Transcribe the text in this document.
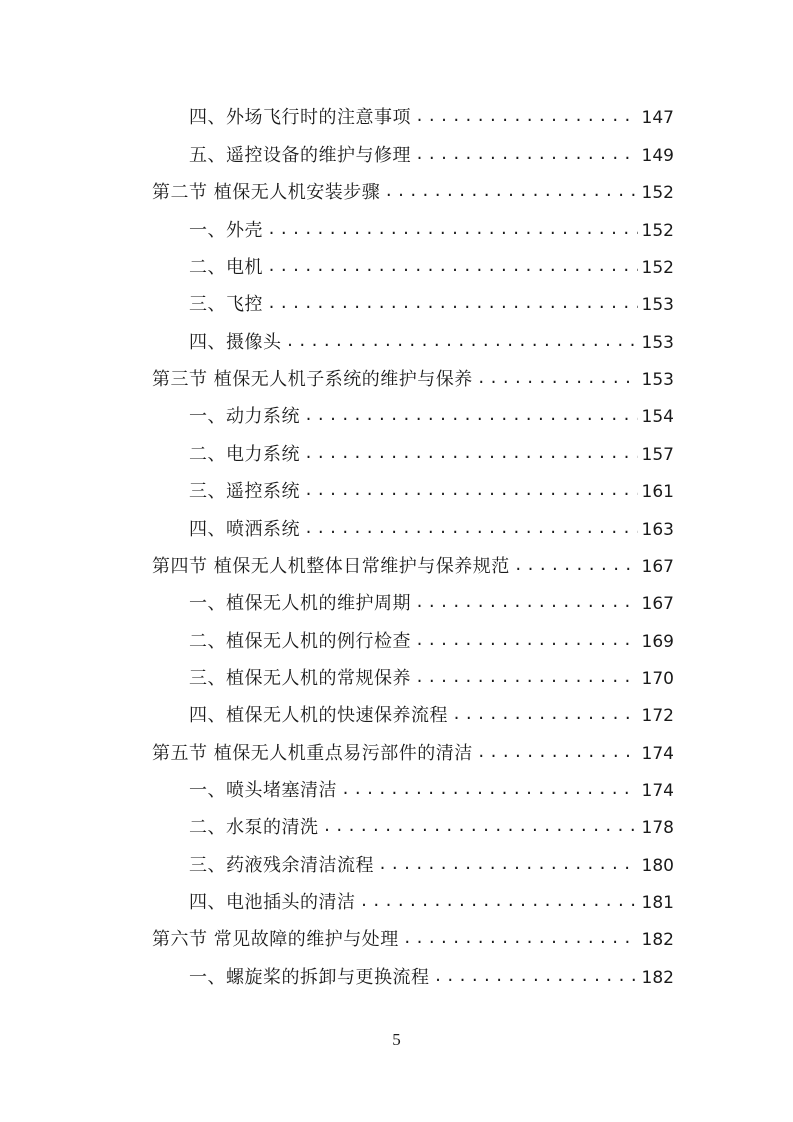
四、外场飞行时的注意事项 .....	147
五、遥控设备的维护与修理 .....	149
第二节 植保无人机安装步骤 .....	152
一、外壳 .....	152
二、电机 .....	152
三、飞控 .....	153
四、摄像头 .....	153
第三节 植保无人机子系统的维护与保养 .....	153
一、动力系统 .....	154
二、电力系统 .....	157
三、遥控系统 .....	161
四、喷洒系统 .....	163
第四节 植保无人机整体日常维护与保养规范 .....	167
一、植保无人机的维护周期 .....	167
二、植保无人机的例行检查 .....	169
三、植保无人机的常规保养 .....	170
四、植保无人机的快速保养流程 .....	172
第五节 植保无人机重点易污部件的清洁 .....	174
一、喷头堵塞清洁 .....	174
二、水泵的清洗 .....	178
三、药液残余清洁流程 .....	180
四、电池插头的清洁 .....	181
第六节 常见故障的维护与处理 .....	182
一、螺旋桨的拆卸与更换流程 .....	182
5
